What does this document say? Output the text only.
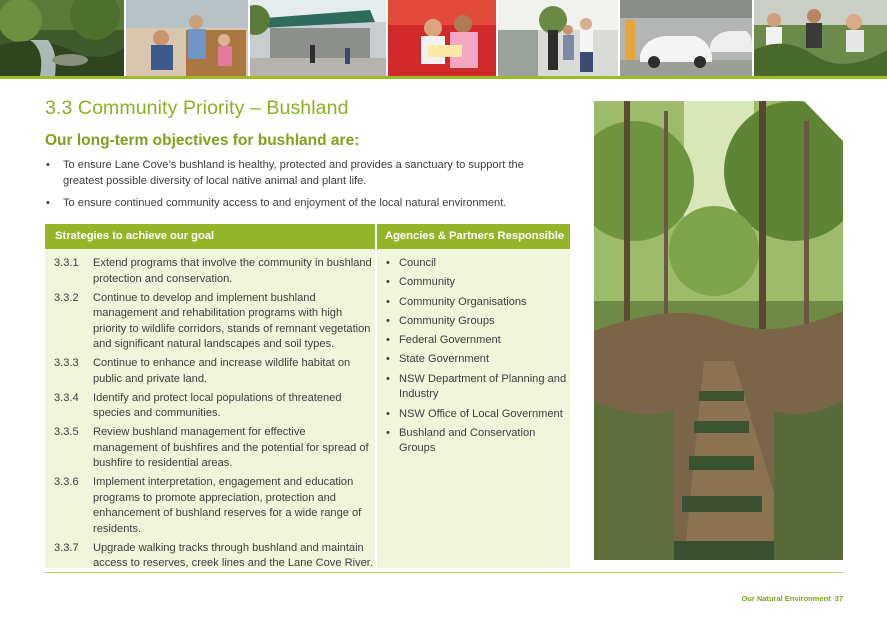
3.3 Community Priority – Bushland
Our long-term objectives for bushland are:
• To ensure Lane Cove’s bushland is healthy, protected and provides a sanctuary to support the greatest possible diversity of local native animal and plant life.
• To ensure continued community access to and enjoyment of the local natural environment.
Strategies to achieve our goal	Agencies & Partners Responsible
3.3.1 Extend programs that involve the community in bushland protection and conservation.
3.3.2 Continue to develop and implement bushland management and rehabilitation programs with high priority to wildlife corridors, stands of remnant vegetation and significant natural landscapes and soil types.
3.3.3 Continue to enhance and increase wildlife habitat on public and private land.
3.3.4 Identify and protect local populations of threatened species and communities.
3.3.5 Review bushland management for effective management of bushfires and the potential for spread of bushfire to residential areas.
3.3.6 Implement interpretation, engagement and education programs to promote appreciation, protection and enhancement of bushland reserves for a wide range of residents.
3.3.7 Upgrade walking tracks through bushland and maintain access to reserves, creek lines and the Lane Cove River.
• Council
• Community
• Community Organisations
• Community Groups
• Federal Government
• State Government
• NSW Department of Planning and Industry
• NSW Office of Local Government
• Bushland and Conservation Groups
Our Natural Environment 37
